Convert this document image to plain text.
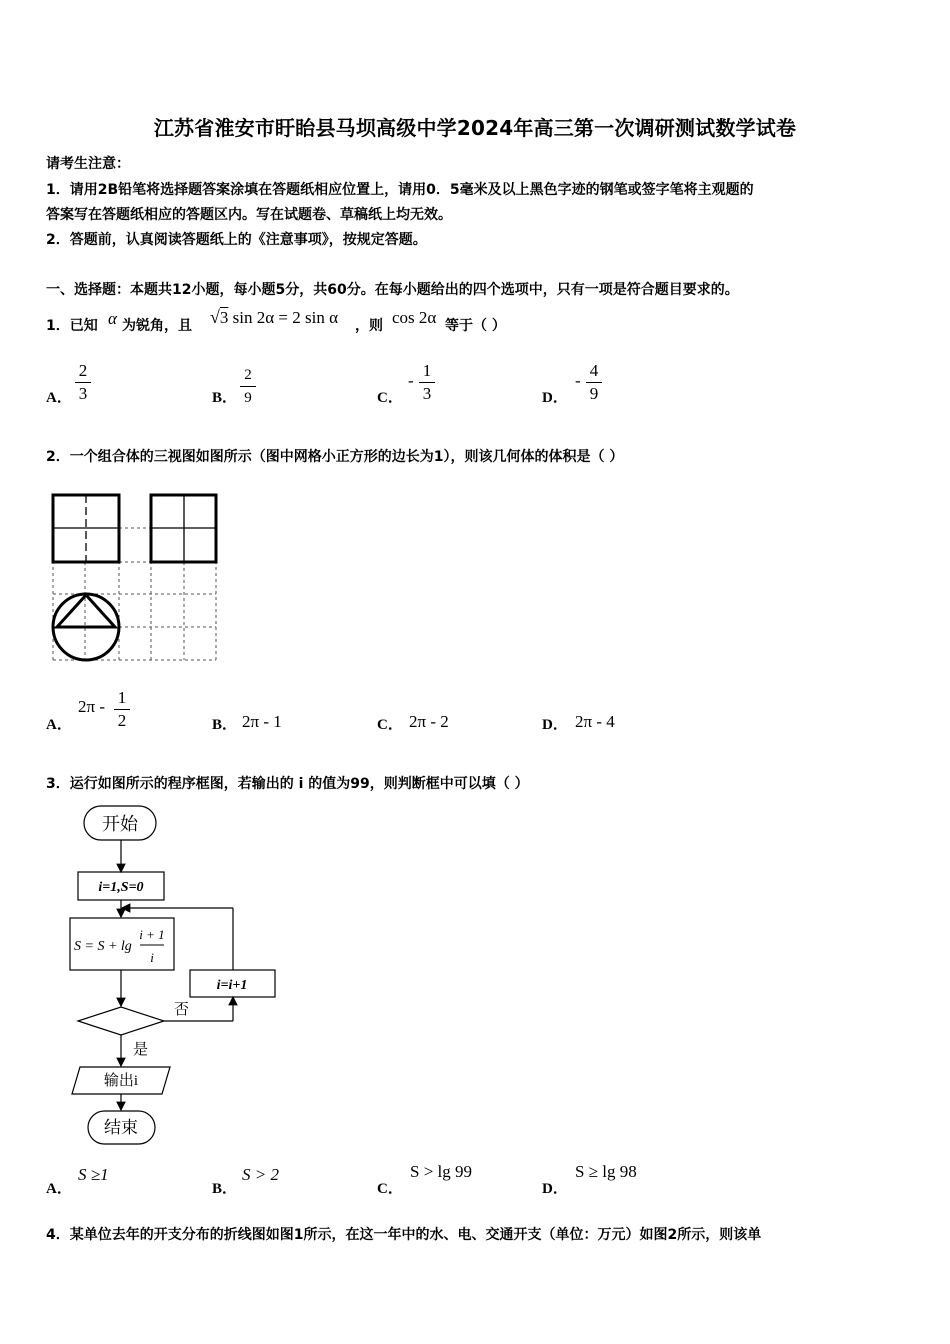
江苏省淮安市盱眙县马坝高级中学2024年高三第一次调研测试数学试卷
请考生注意：
1．请用2B铅笔将选择题答案涂填在答题纸相应位置上，请用0．5毫米及以上黑色字迹的钢笔或签字笔将主观题的
答案写在答题纸相应的答题区内。写在试题卷、草稿纸上均无效。
2．答题前，认真阅读答题纸上的《注意事项》，按规定答题。
一、选择题：本题共12小题，每小题5分，共60分。在每小题给出的四个选项中，只有一项是符合题目要求的。
1．已知 α 为锐角，且 √3 sin 2α = 2 sin α ，则 cos 2α 等于（ ）
A．
2
3	B．
2
9	C．
-
1
3	D．
-
4
9
2．一个组合体的三视图如图所示（图中网格小正方形的边长为1），则该几何体的体积是（ ）
A．
2π - 1
2	B． 2π - 1	C． 2π - 2	D． 2π - 4
3．运行如图所示的程序框图，若输出的 i 的值为99，则判断框中可以填（ ）
开始
i=1,S=0
S = S + lg
i + 1
i
i=i+1
否
是
输出i
结束
A．
S ≥1
B．
S > 2
C．
S > lg 99
D．
S ≥ lg 98
4．某单位去年的开支分布的折线图如图1所示，在这一年中的水、电、交通开支（单位：万元）如图2所示，则该单
